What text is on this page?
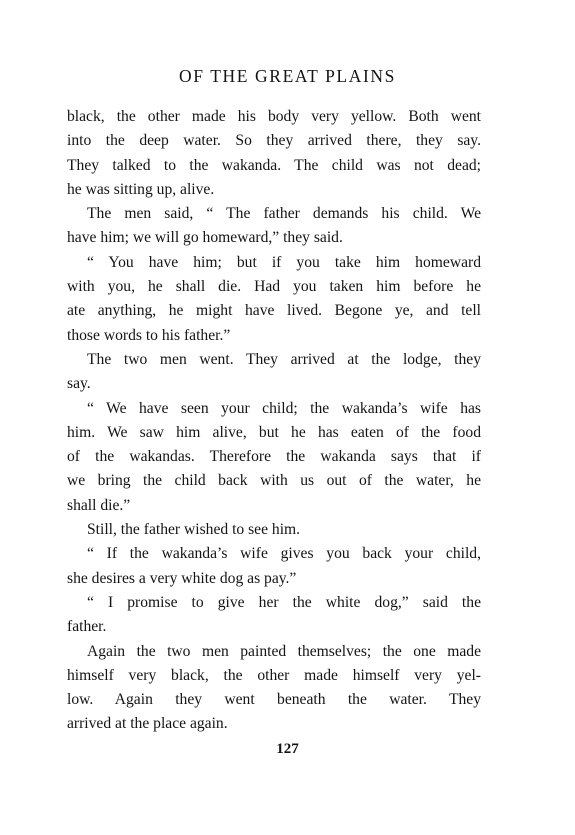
OF THE GREAT PLAINS
black, the other made his body very yellow. Both went
into the deep water. So they arrived there, they say.
They talked to the wakanda. The child was not dead;
he was sitting up, alive.
The men said, “ The father demands his child. We
have him; we will go homeward,” they said.
“ You have him; but if you take him homeward
with you, he shall die. Had you taken him before he
ate anything, he might have lived. Begone ye, and tell
those words to his father.”
The two men went. They arrived at the lodge, they
say.
“ We have seen your child; the wakanda’s wife has
him. We saw him alive, but he has eaten of the food
of the wakandas. Therefore the wakanda says that if
we bring the child back with us out of the water, he
shall die.”
Still, the father wished to see him.
“ If the wakanda’s wife gives you back your child,
she desires a very white dog as pay.”
“ I promise to give her the white dog,” said the
father.
Again the two men painted themselves; the one made
himself very black, the other made himself very yel-
low. Again they went beneath the water. They
arrived at the place again.
127
